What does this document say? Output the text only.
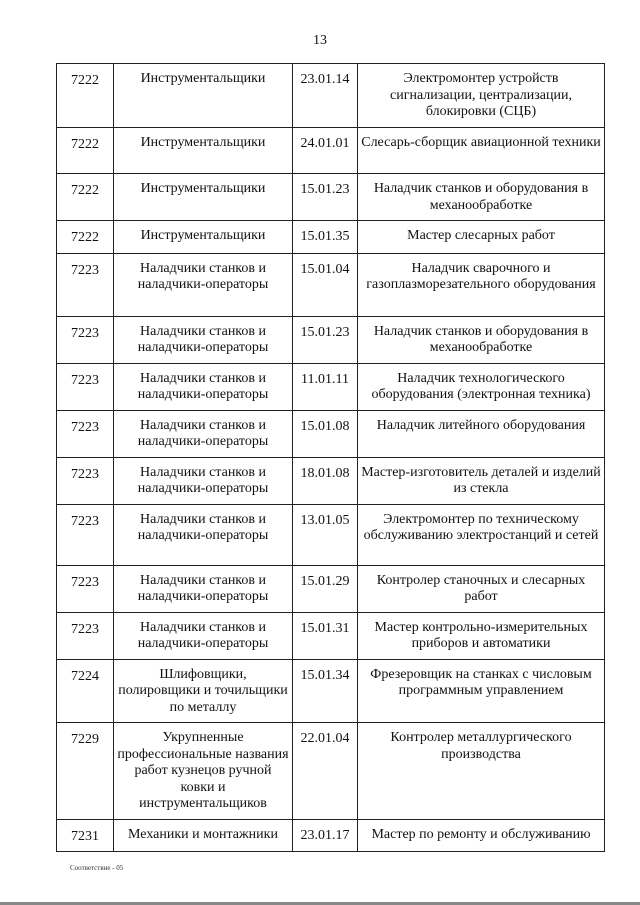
13
7222	Инструментальщики	23.01.14	Электромонтер устройств сигнализации, централизации, блокировки (СЦБ)
7222	Инструментальщики	24.01.01	Слесарь-сборщик авиационной техники
7222	Инструментальщики	15.01.23	Наладчик станков и оборудования в механообработке
7222	Инструментальщики	15.01.35	Мастер слесарных работ
7223	Наладчики станков и наладчики-операторы	15.01.04	Наладчик сварочного и газоплазморезательного оборудования
7223	Наладчики станков и наладчики-операторы	15.01.23	Наладчик станков и оборудования в механообработке
7223	Наладчики станков и наладчики-операторы	11.01.11	Наладчик технологического оборудования (электронная техника)
7223	Наладчики станков и наладчики-операторы	15.01.08	Наладчик литейного оборудования
7223	Наладчики станков и наладчики-операторы	18.01.08	Мастер-изготовитель деталей и изделий из стекла
7223	Наладчики станков и наладчики-операторы	13.01.05	Электромонтер по техническому обслуживанию электростанций и сетей
7223	Наладчики станков и наладчики-операторы	15.01.29	Контролер станочных и слесарных работ
7223	Наладчики станков и наладчики-операторы	15.01.31	Мастер контрольно-измерительных приборов и автоматики
7224	Шлифовщики, полировщики и точильщики по металлу	15.01.34	Фрезеровщик на станках с числовым программным управлением
7229	Укрупненные профессиональные названия работ кузнецов ручной ковки и инструментальщиков	22.01.04	Контролер металлургического производства
7231	Механики и монтажники	23.01.17	Мастер по ремонту и обслуживанию
Соответствие - 05
